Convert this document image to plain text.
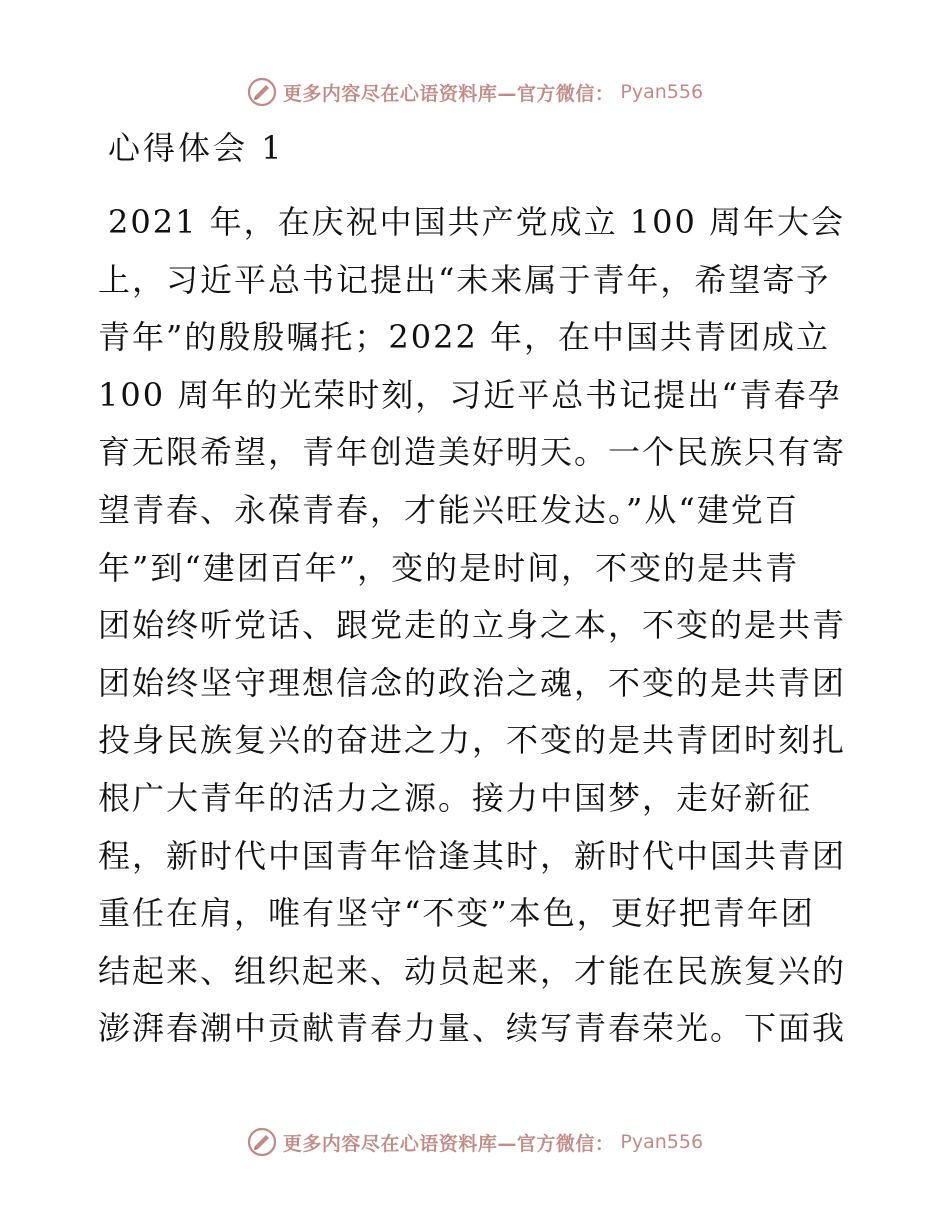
更多内容尽在心语资料库—官方微信： Pyan556
心得体会 1
2021 年，在庆祝中国共产党成立 100 周年大会
上，习近平总书记提出“未来属于青年，希望寄予
青年”的殷殷嘱托；2022 年，在中国共青团成立
100 周年的光荣时刻，习近平总书记提出“青春孕
育无限希望，青年创造美好明天。一个民族只有寄
望青春、永葆青春，才能兴旺发达。”从“建党百
年”到“建团百年”，变的是时间，不变的是共青
团始终听党话、跟党走的立身之本，不变的是共青
团始终坚守理想信念的政治之魂，不变的是共青团
投身民族复兴的奋进之力，不变的是共青团时刻扎
根广大青年的活力之源。接力中国梦，走好新征
程，新时代中国青年恰逢其时，新时代中国共青团
重任在肩，唯有坚守“不变”本色，更好把青年团
结起来、组织起来、动员起来，才能在民族复兴的
澎湃春潮中贡献青春力量、续写青春荣光。下面我
更多内容尽在心语资料库—官方微信： Pyan556
